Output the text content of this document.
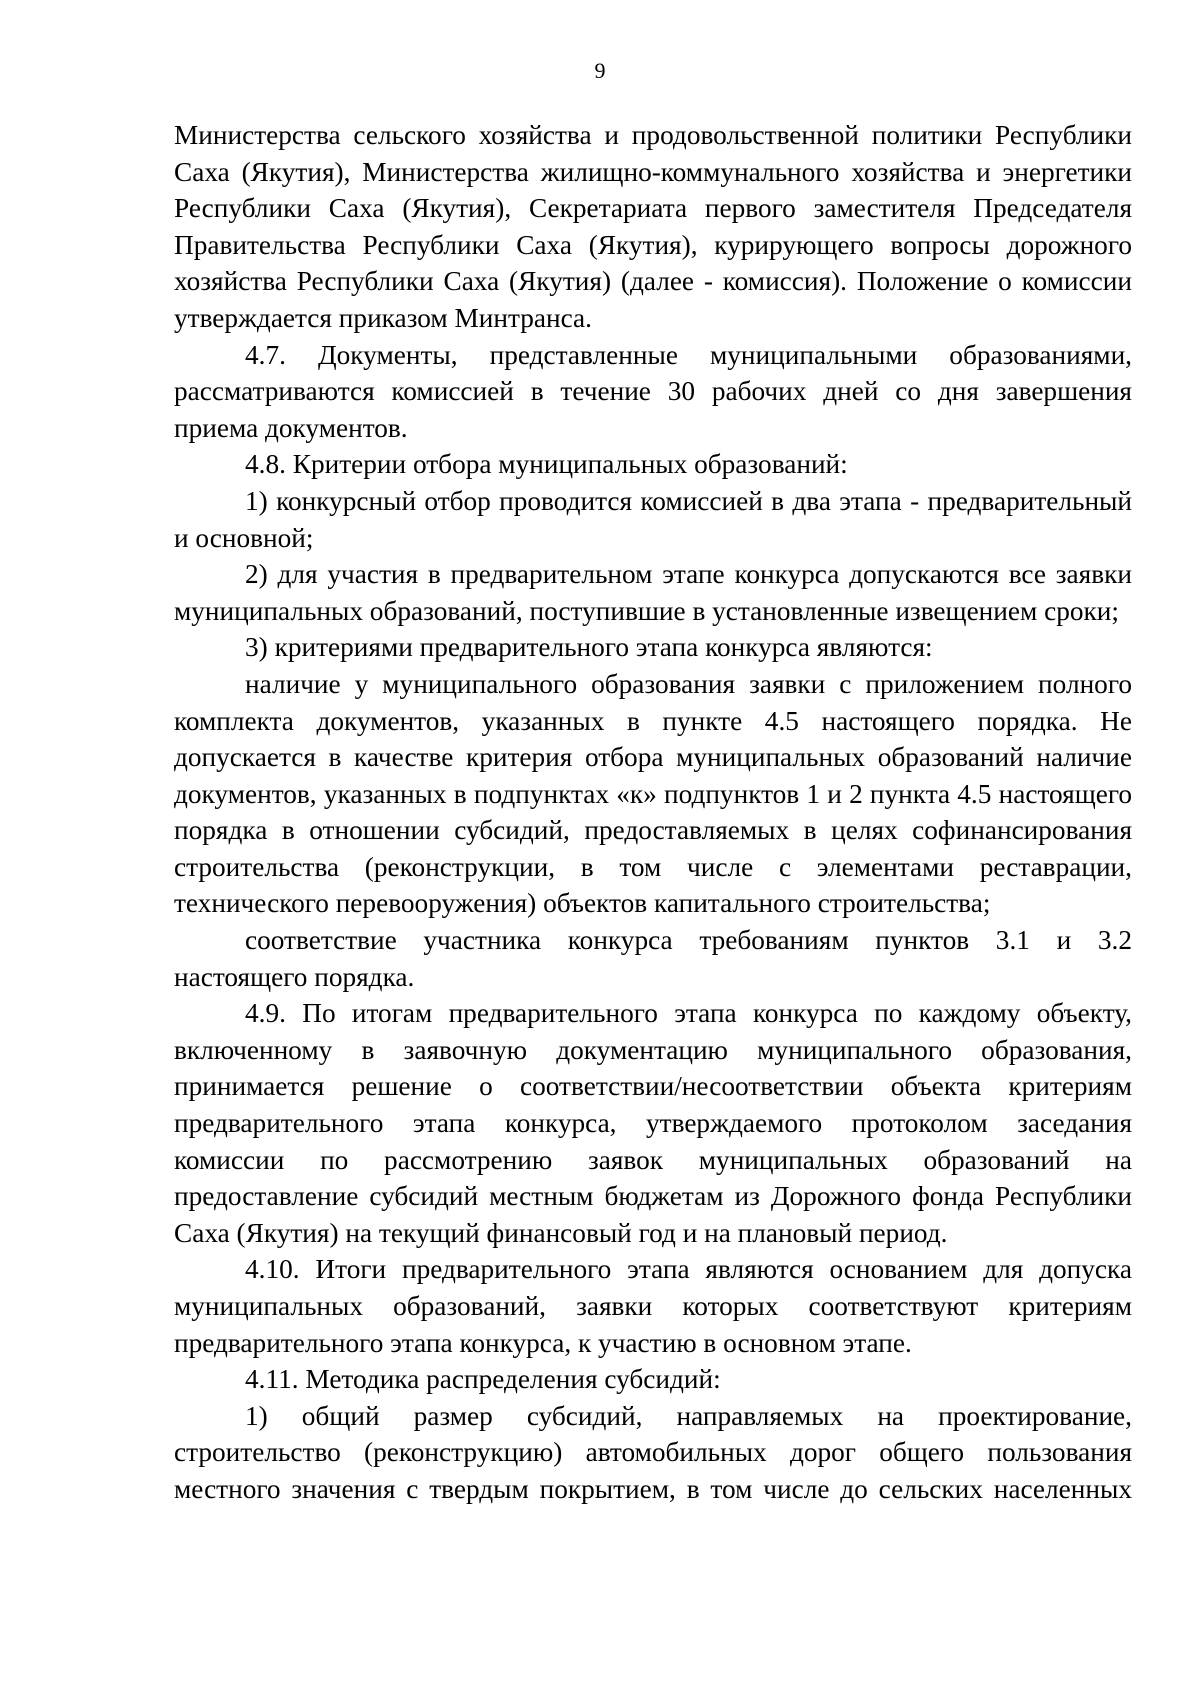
9

Министерства сельского хозяйства и продовольственной политики Республики Саха (Якутия), Министерства жилищно-коммунального хозяйства и энергетики Республики Саха (Якутия), Секретариата первого заместителя Председателя Правительства Республики Саха (Якутия), курирующего вопросы дорожного хозяйства Республики Саха (Якутия) (далее - комиссия). Положение о комиссии утверждается приказом Минтранса.

4.7. Документы, представленные муниципальными образованиями, рассматриваются комиссией в течение 30 рабочих дней со дня завершения приема документов.

4.8. Критерии отбора муниципальных образований:

1) конкурсный отбор проводится комиссией в два этапа - предварительный и основной;

2) для участия в предварительном этапе конкурса допускаются все заявки муниципальных образований, поступившие в установленные извещением сроки;

3) критериями предварительного этапа конкурса являются:

наличие у муниципального образования заявки с приложением полного комплекта документов, указанных в пункте 4.5 настоящего порядка. Не допускается в качестве критерия отбора муниципальных образований наличие документов, указанных в подпунктах «к» подпунктов 1 и 2 пункта 4.5 настоящего порядка в отношении субсидий, предоставляемых в целях софинансирования строительства (реконструкции, в том числе с элементами реставрации, технического перевооружения) объектов капитального строительства;

соответствие участника конкурса требованиям пунктов 3.1 и 3.2 настоящего порядка.

4.9. По итогам предварительного этапа конкурса по каждому объекту, включенному в заявочную документацию муниципального образования, принимается решение о соответствии/несоответствии объекта критериям предварительного этапа конкурса, утверждаемого протоколом заседания комиссии по рассмотрению заявок муниципальных образований на предоставление субсидий местным бюджетам из Дорожного фонда Республики Саха (Якутия) на текущий финансовый год и на плановый период.

4.10. Итоги предварительного этапа являются основанием для допуска муниципальных образований, заявки которых соответствуют критериям предварительного этапа конкурса, к участию в основном этапе.

4.11. Методика распределения субсидий:

1) общий размер субсидий, направляемых на проектирование, строительство (реконструкцию) автомобильных дорог общего пользования местного значения с твердым покрытием, в том числе до сельских населенных
